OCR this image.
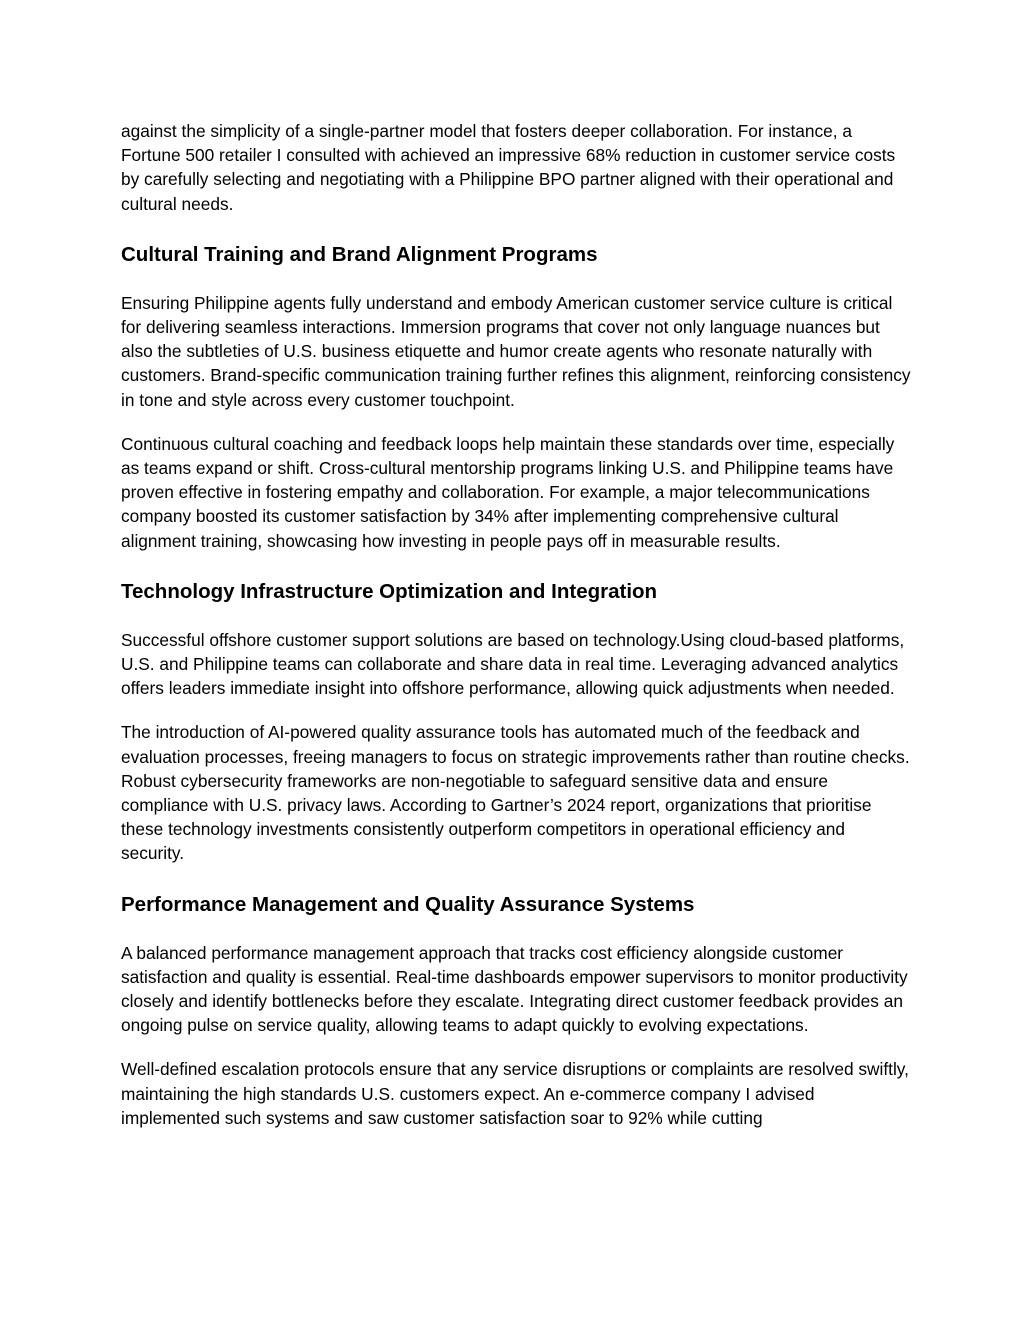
against the simplicity of a single-partner model that fosters deeper collaboration. For instance, a Fortune 500 retailer I consulted with achieved an impressive 68% reduction in customer service costs by carefully selecting and negotiating with a Philippine BPO partner aligned with their operational and cultural needs.

Cultural Training and Brand Alignment Programs

Ensuring Philippine agents fully understand and embody American customer service culture is critical for delivering seamless interactions. Immersion programs that cover not only language nuances but also the subtleties of U.S. business etiquette and humor create agents who resonate naturally with customers. Brand-specific communication training further refines this alignment, reinforcing consistency in tone and style across every customer touchpoint.

Continuous cultural coaching and feedback loops help maintain these standards over time, especially as teams expand or shift. Cross-cultural mentorship programs linking U.S. and Philippine teams have proven effective in fostering empathy and collaboration. For example, a major telecommunications company boosted its customer satisfaction by 34% after implementing comprehensive cultural alignment training, showcasing how investing in people pays off in measurable results.

Technology Infrastructure Optimization and Integration

Successful offshore customer support solutions are based on technology.Using cloud-based platforms, U.S. and Philippine teams can collaborate and share data in real time. Leveraging advanced analytics offers leaders immediate insight into offshore performance, allowing quick adjustments when needed.

The introduction of AI-powered quality assurance tools has automated much of the feedback and evaluation processes, freeing managers to focus on strategic improvements rather than routine checks. Robust cybersecurity frameworks are non-negotiable to safeguard sensitive data and ensure compliance with U.S. privacy laws. According to Gartner’s 2024 report, organizations that prioritise these technology investments consistently outperform competitors in operational efficiency and security.

Performance Management and Quality Assurance Systems

A balanced performance management approach that tracks cost efficiency alongside customer satisfaction and quality is essential. Real-time dashboards empower supervisors to monitor productivity closely and identify bottlenecks before they escalate. Integrating direct customer feedback provides an ongoing pulse on service quality, allowing teams to adapt quickly to evolving expectations.

Well-defined escalation protocols ensure that any service disruptions or complaints are resolved swiftly, maintaining the high standards U.S. customers expect. An e-commerce company I advised implemented such systems and saw customer satisfaction soar to 92% while cutting
